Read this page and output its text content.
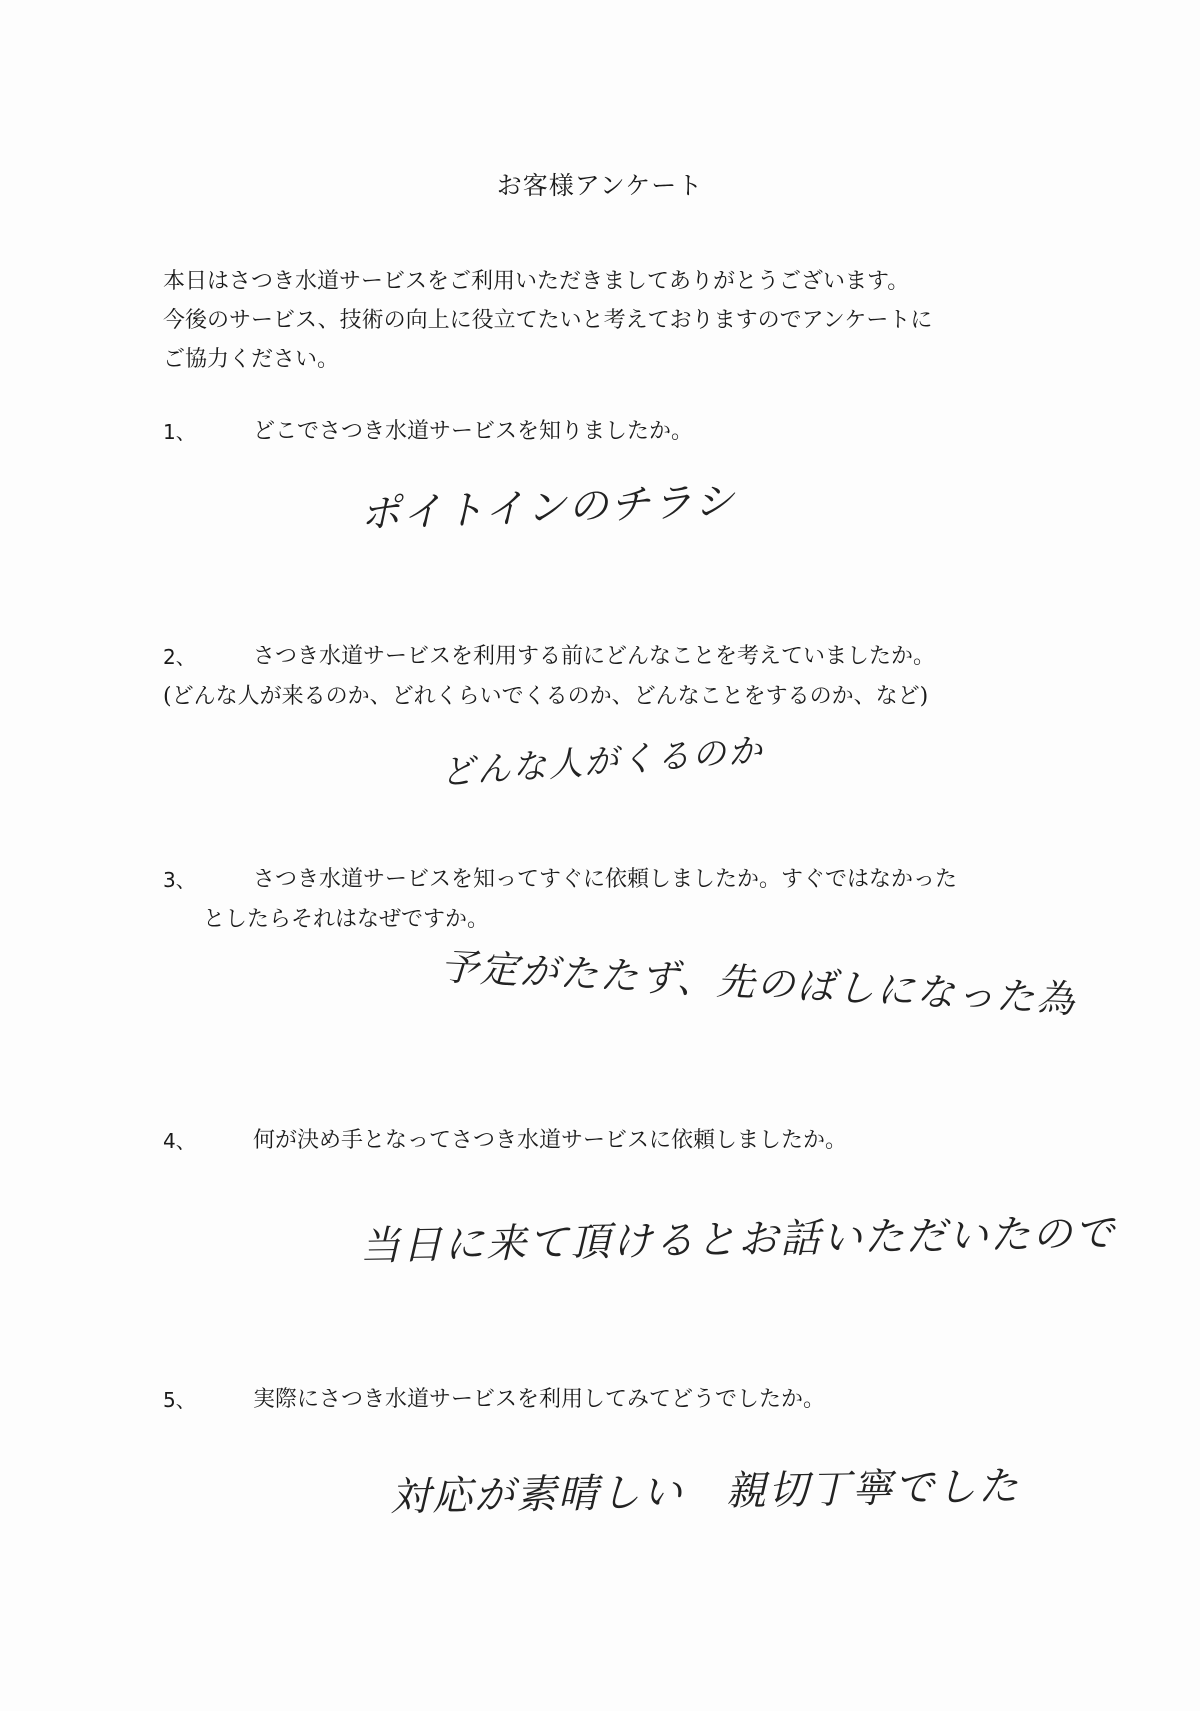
お客様アンケート
本日はさつき水道サービスをご利用いただきましてありがとうございます。
今後のサービス、技術の向上に役立てたいと考えておりますのでアンケートに
ご協力ください。
1、	どこでさつき水道サービスを知りましたか。
ポイトインのチラシ
2、	さつき水道サービスを利用する前にどんなことを考えていましたか。
(どんな人が来るのか、どれくらいでくるのか、どんなことをするのか、など)
どんな人がくるのか
3、	さつき水道サービスを知ってすぐに依頼しましたか。すぐではなかった
としたらそれはなぜですか。
予定がたたず、先のばしになった為
4、	何が決め手となってさつき水道サービスに依頼しましたか。
当日に来て頂けるとお話いただいたので
5、	実際にさつき水道サービスを利用してみてどうでしたか。
対応が素晴しい　親切丁寧でした
